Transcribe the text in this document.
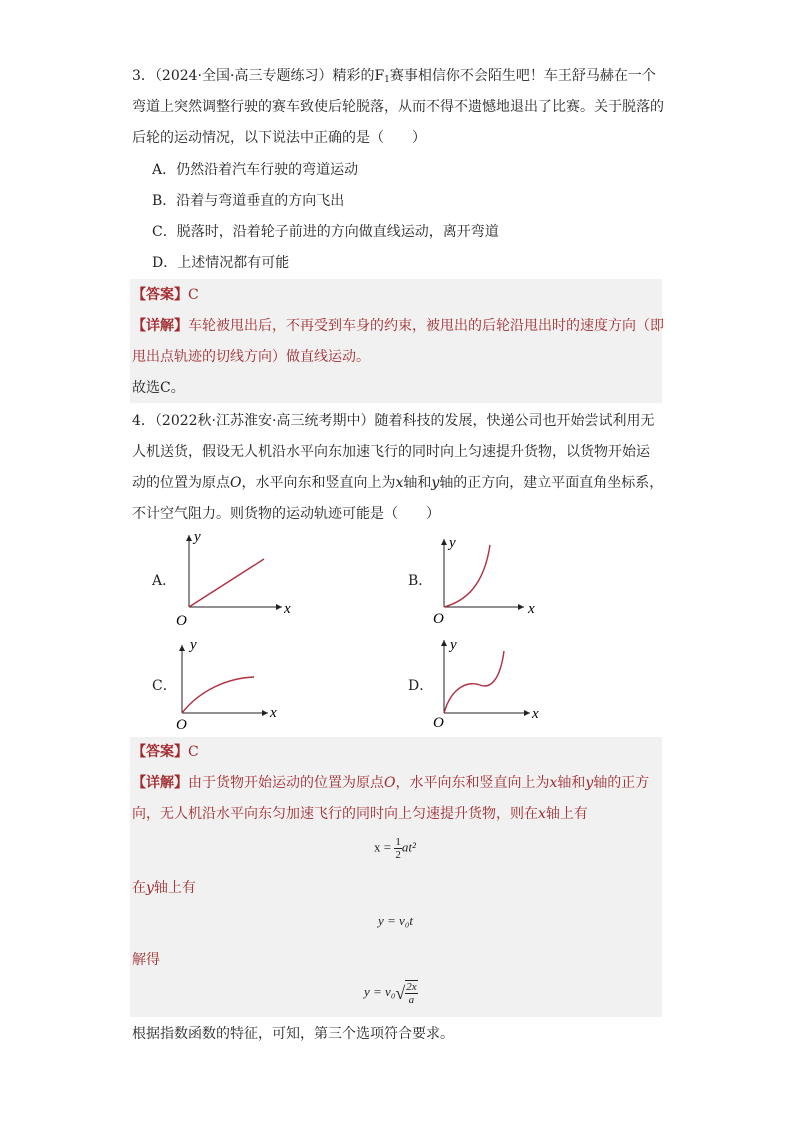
3．（2024·全国·高三专题练习）精彩的$F_1$赛事相信你不会陌生吧！车王舒马赫在一个
弯道上突然调整行驶的赛车致使后轮脱落，从而不得不遗憾地退出了比赛。关于脱落的
后轮的运动情况，以下说法中正确的是（　　）
A．仍然沿着汽车行驶的弯道运动
B．沿着与弯道垂直的方向飞出
C．脱落时，沿着轮子前进的方向做直线运动，离开弯道
D．上述情况都有可能
【答案】C
【详解】车轮被甩出后，不再受到车身的约束，被甩出的后轮沿甩出时的速度方向（即
甩出点轨迹的切线方向）做直线运动。
故选C。
4．（2022秋·江苏淮安·高三统考期中）随着科技的发展，快递公司也开始尝试利用无
人机送货，假设无人机沿水平向东加速飞行的同时向上匀速提升货物，以货物开始运
动的位置为原点O，水平向东和竖直向上为x轴和y轴的正方向，建立平面直角坐标系，
不计空气阻力。则货物的运动轨迹可能是（　　）
A．	B．
C．	D．
x
y
O
x
y
O
x
y
O
x
y
O
【答案】C
【详解】由于货物开始运动的位置为原点O，水平向东和竖直向上为x轴和y轴的正方
向，无人机沿水平向东匀加速飞行的同时向上匀速提升货物，则在x轴上有
$x = \frac{1}{2} at^2$
在y轴上有
y = v₀t
解得
$y = v_0√ \frac{2x}{a}$
根据指数函数的特征，可知，第三个选项符合要求。
